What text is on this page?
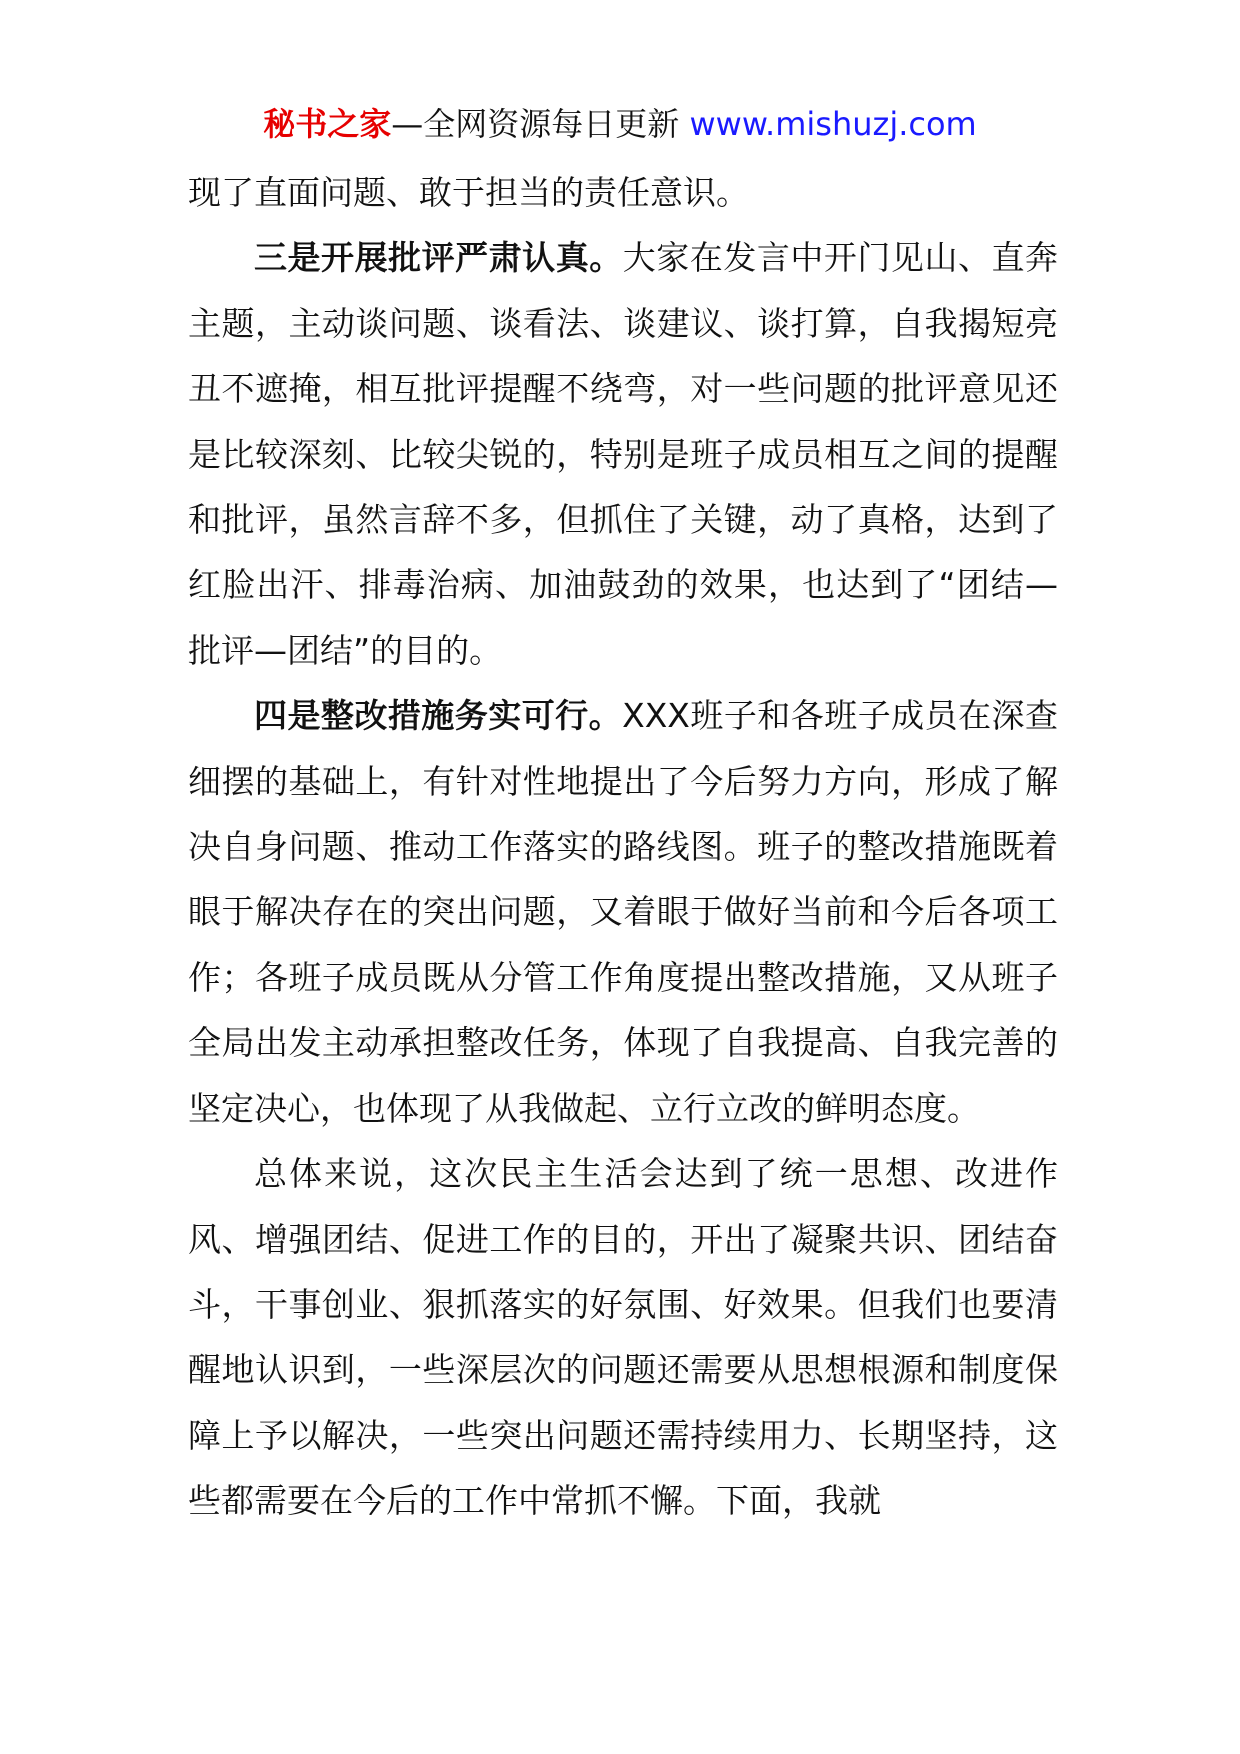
秘书之家—全网资源每日更新 www.mishuzj.com

现了直面问题、敢于担当的责任意识。

三是开展批评严肃认真。大家在发言中开门见山、直奔主题，主动谈问题、谈看法、谈建议、谈打算，自我揭短亮丑不遮掩，相互批评提醒不绕弯，对一些问题的批评意见还是比较深刻、比较尖锐的，特别是班子成员相互之间的提醒和批评，虽然言辞不多，但抓住了关键，动了真格，达到了红脸出汗、排毒治病、加油鼓劲的效果，也达到了“团结—批评—团结”的目的。

四是整改措施务实可行。XXX班子和各班子成员在深查细摆的基础上，有针对性地提出了今后努力方向，形成了解决自身问题、推动工作落实的路线图。班子的整改措施既着眼于解决存在的突出问题，又着眼于做好当前和今后各项工作；各班子成员既从分管工作角度提出整改措施，又从班子全局出发主动承担整改任务，体现了自我提高、自我完善的坚定决心，也体现了从我做起、立行立改的鲜明态度。

总体来说，这次民主生活会达到了统一思想、改进作风、增强团结、促进工作的目的，开出了凝聚共识、团结奋斗，干事创业、狠抓落实的好氛围、好效果。但我们也要清醒地认识到，一些深层次的问题还需要从思想根源和制度保障上予以解决，一些突出问题还需持续用力、长期坚持，这些都需要在今后的工作中常抓不懈。下面，我就
